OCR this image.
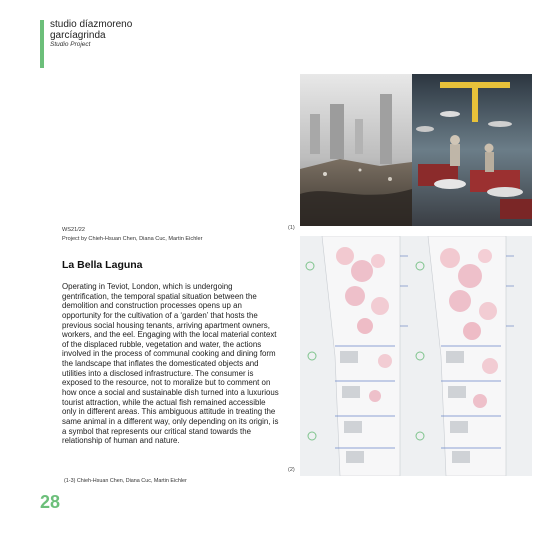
studio díazmoreno
garcíagrinda
Studio Project
(1)
(2)
WS21/22
Project by Chieh-Hsuan Chen, Diana Cuc, Martin Eichler
La Bella Laguna

Operating in Teviot, London, which is undergoing gentrification, the temporal spatial situation between the demolition and construction processes opens up an opportunity for the cultivation of a ‘garden’ that hosts the previous social housing tenants, arriving apartment owners, workers, and the eel. Engaging with the local material context of the displaced rubble, vegetation and water, the actions involved in the process of communal cooking and dining form the landscape that inflates the domesticated objects and utilities into a disclosed infrastructure. The consumer is exposed to the resource, not to moralize but to comment on how once a social and sustainable dish turned into a luxurious tourist attraction, while the actual fish remained accessible only in different areas. This ambiguous attitude in treating the same animal in a different way, only depending on its origin, is a symbol that represents our critical stand towards the relationship of human and nature.

(1-3) Chieh-Hsuan Chen, Diana Cuc, Martin Eichler
28
